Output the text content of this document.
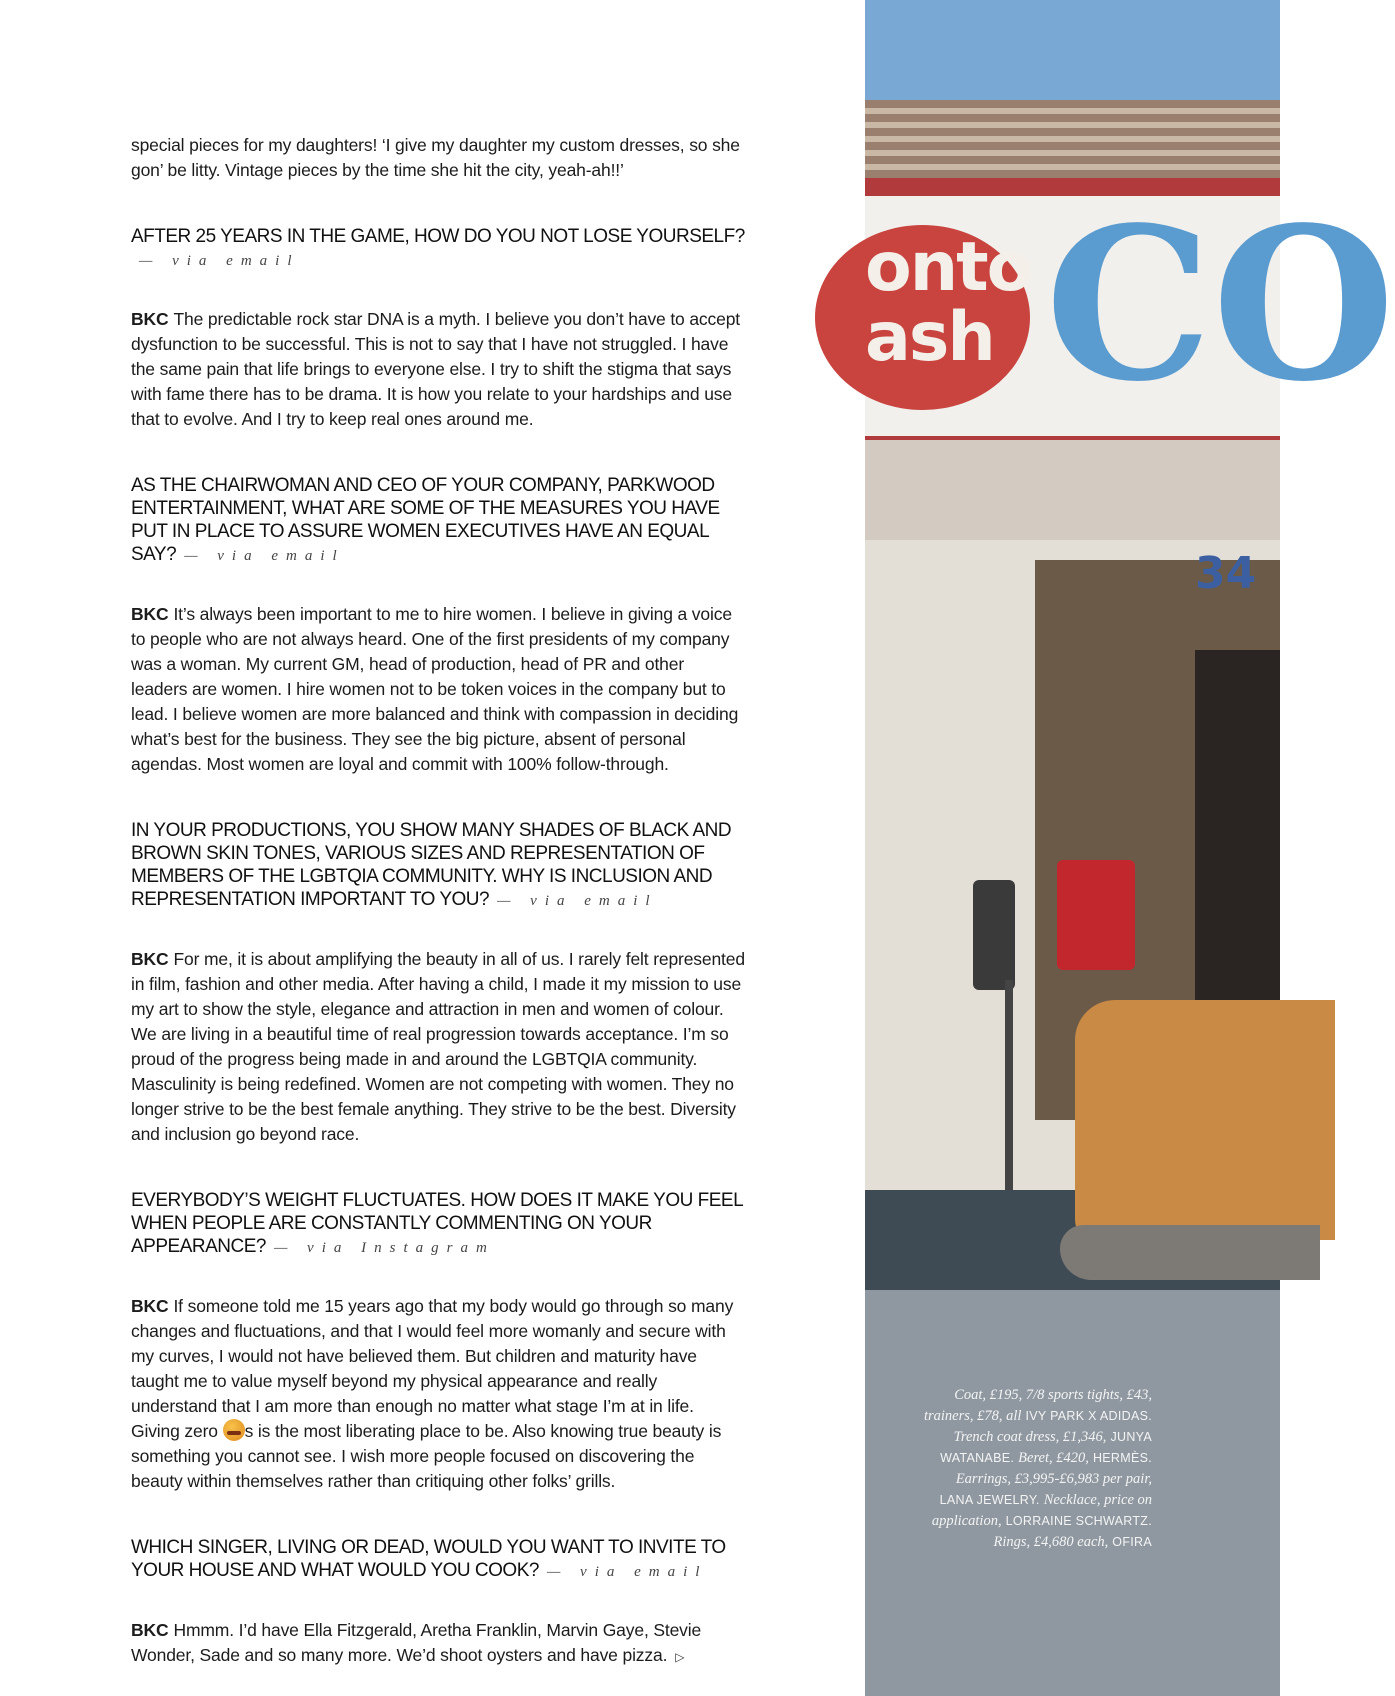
special pieces for my daughters! ‘I give my daughter my custom dresses, so she gon’ be litty. Vintage pieces by the time she hit the city, yeah-ah!!’

AFTER 25 YEARS IN THE GAME, HOW DO YOU NOT LOSE YOURSELF?— via email

BKC The predictable rock star DNA is a myth. I believe you don’t have to accept dysfunction to be successful. This is not to say that I have not struggled. I have the same pain that life brings to everyone else. I try to shift the stigma that says with fame there has to be drama. It is how you relate to your hardships and use that to evolve. And I try to keep real ones around me.

AS THE CHAIRWOMAN AND CEO OF YOUR COMPANY, PARKWOOD ENTERTAINMENT, WHAT ARE SOME OF THE MEASURES YOU HAVE PUT IN PLACE TO ASSURE WOMEN EXECUTIVES HAVE AN EQUAL SAY? — via email

BKC It’s always been important to me to hire women. I believe in giving a voice to people who are not always heard. One of the first presidents of my company was a woman. My current GM, head of production, head of PR and other leaders are women. I hire women not to be token voices in the company but to lead. I believe women are more balanced and think with compassion in deciding what’s best for the business. They see the big picture, absent of personal agendas. Most women are loyal and commit with 100% follow-through.

IN YOUR PRODUCTIONS, YOU SHOW MANY SHADES OF BLACK AND BROWN SKIN TONES, VARIOUS SIZES AND REPRESENTATION OF MEMBERS OF THE LGBTQIA COMMUNITY. WHY IS INCLUSION AND REPRESENTATION IMPORTANT TO YOU? — via email

BKC For me, it is about amplifying the beauty in all of us. I rarely felt represented in film, fashion and other media. After having a child, I made it my mission to use my art to show the style, elegance and attraction in men and women of colour. We are living in a beautiful time of real progression towards acceptance. I’m so proud of the progress being made in and around the LGBTQIA community. Masculinity is being redefined. Women are not competing with women. They no longer strive to be the best female anything. They strive to be the best. Diversity and inclusion go beyond race.

EVERYBODY’S WEIGHT FLUCTUATES. HOW DOES IT MAKE YOU FEEL WHEN PEOPLE ARE CONSTANTLY COMMENTING ON YOUR APPEARANCE? — via Instagram

BKC If someone told me 15 years ago that my body would go through so many changes and fluctuations, and that I would feel more womanly and secure with my curves, I would not have believed them. But children and maturity have taught me to value myself beyond my physical appearance and really understand that I am more than enough no matter what stage I’m at in life. Giving zero s is the most liberating place to be. Also knowing true beauty is something you cannot see. I wish more people focused on discovering the beauty within themselves rather than critiquing other folks’ grills.

WHICH SINGER, LIVING OR DEAD, WOULD YOU WANT TO INVITE TO YOUR HOUSE AND WHAT WOULD YOU COOK? — via email

BKC Hmmm. I’d have Ella Fitzgerald, Aretha Franklin, Marvin Gaye, Stevie Wonder, Sade and so many more. We’d shoot oysters and have pizza. ▷

onto
ash CO
34
Coat, £195, 7/8 sports tights, £43, trainers, £78, all IVY PARK X ADIDAS. Trench coat dress, £1,346, JUNYA WATANABE. Beret, £420, HERMÈS. Earrings, £3,995-£6,983 per pair, LANA JEWELRY. Necklace, price on application, LORRAINE SCHWARTZ. Rings, £4,680 each, OFIRA
